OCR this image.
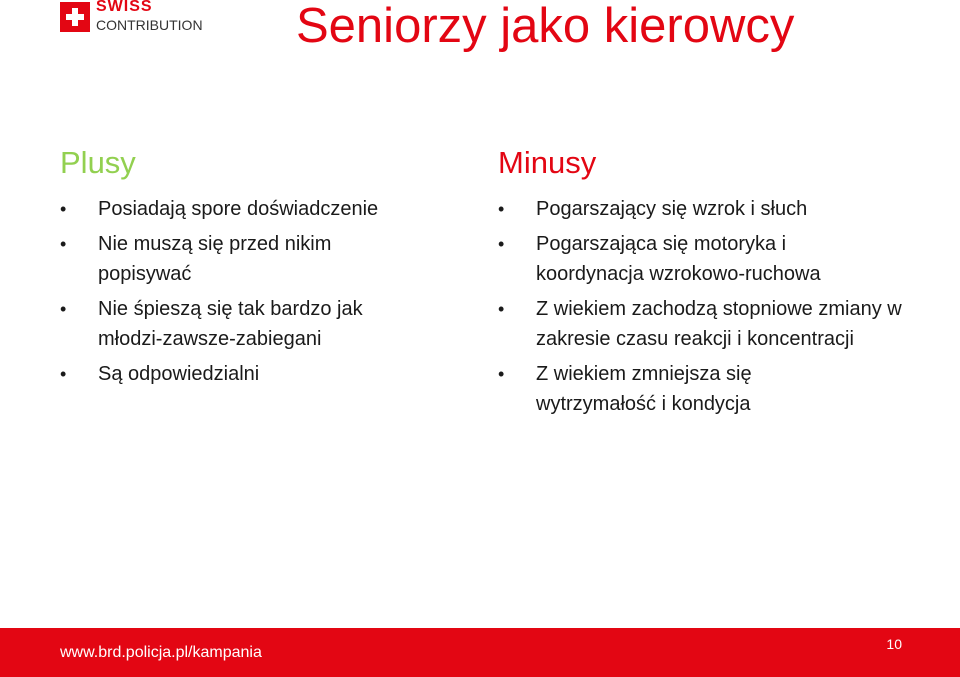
SWISS
CONTRIBUTION Seniorzy jako kierowcy
Plusy
• Posiadają spore doświadczenie
• Nie muszą się przed nikim popisywać
• Nie śpieszą się tak bardzo jak młodzi-zawsze-zabiegani
• Są odpowiedzialni
Minusy
• Pogarszający się wzrok i słuch
• Pogarszająca się motoryka i koordynacja wzrokowo-ruchowa
• Z wiekiem zachodzą stopniowe zmiany w zakresie czasu reakcji i koncentracji
• Z wiekiem zmniejsza się wytrzymałość i kondycja
www.brd.policja.pl/kampania	10
